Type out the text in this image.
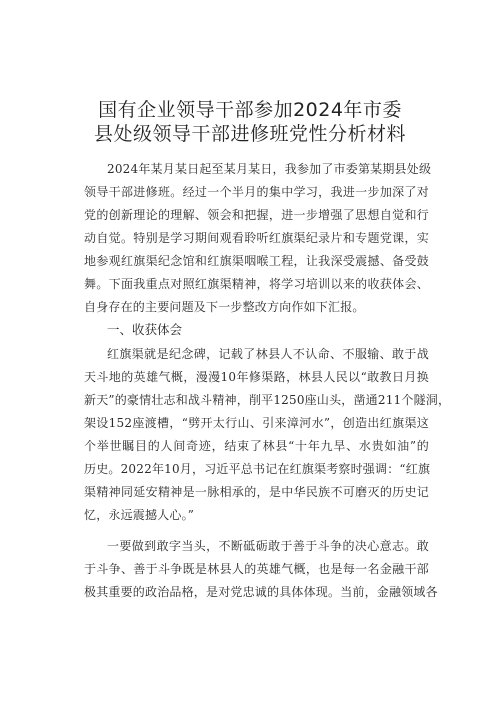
国有企业领导干部参加2024年市委
县处级领导干部进修班党性分析材料
2024年某月某日起至某月某日，我参加了市委第某期县处级
领导干部进修班。经过一个半月的集中学习，我进一步加深了对
党的创新理论的理解、领会和把握，进一步增强了思想自觉和行
动自觉。特别是学习期间观看聆听红旗渠纪录片和专题党课，实
地参观红旗渠纪念馆和红旗渠咽喉工程，让我深受震撼、备受鼓
舞。下面我重点对照红旗渠精神，将学习培训以来的收获体会、
自身存在的主要问题及下一步整改方向作如下汇报。
一、收获体会
红旗渠就是纪念碑，记载了林县人不认命、不服输、敢于战
天斗地的英雄气概，漫漫10年修渠路，林县人民以“敢教日月换
新天”的豪情壮志和战斗精神，削平1250座山头，凿通211个隧洞，
架设152座渡槽，“劈开太行山、引来漳河水”，创造出红旗渠这
个举世瞩目的人间奇迹，结束了林县“十年九旱、水贵如油”的
历史。2022年10月，习近平总书记在红旗渠考察时强调：“红旗
渠精神同延安精神是一脉相承的，是中华民族不可磨灭的历史记
忆，永远震撼人心。”
一要做到敢字当头，不断砥砺敢于善于斗争的决心意志。敢
于斗争、善于斗争既是林县人的英雄气概，也是每一名金融干部
极其重要的政治品格，是对党忠诚的具体体现。当前，金融领域各
